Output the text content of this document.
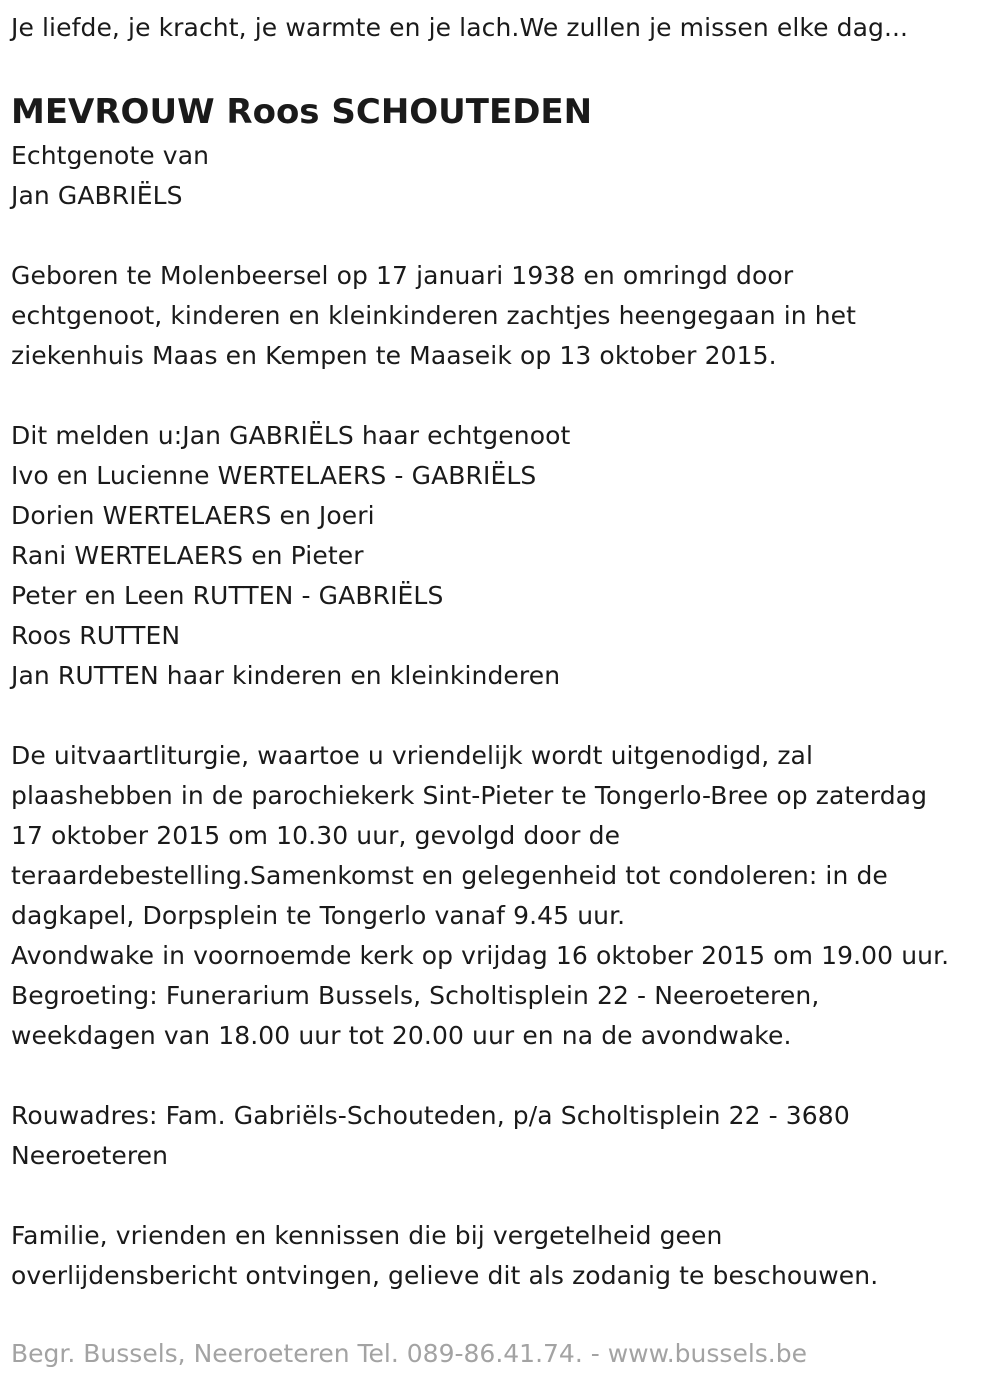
Je liefde, je kracht, je warmte en je lach.We zullen je missen elke dag...
MEVROUW Roos SCHOUTEDEN
Echtgenote van
Jan GABRIËLS
Geboren te Molenbeersel op 17 januari 1938 en omringd door
echtgenoot, kinderen en kleinkinderen zachtjes heengegaan in het
ziekenhuis Maas en Kempen te Maaseik op 13 oktober 2015.
Dit melden u:Jan GABRIËLS haar echtgenoot
Ivo en Lucienne WERTELAERS - GABRIËLS
Dorien WERTELAERS en Joeri
Rani WERTELAERS en Pieter
Peter en Leen RUTTEN - GABRIËLS
Roos RUTTEN
Jan RUTTEN haar kinderen en kleinkinderen
De uitvaartliturgie, waartoe u vriendelijk wordt uitgenodigd, zal
plaashebben in de parochiekerk Sint-Pieter te Tongerlo-Bree op zaterdag
17 oktober 2015 om 10.30 uur, gevolgd door de
teraardebestelling.Samenkomst en gelegenheid tot condoleren: in de
dagkapel, Dorpsplein te Tongerlo vanaf 9.45 uur.
Avondwake in voornoemde kerk op vrijdag 16 oktober 2015 om 19.00 uur.
Begroeting: Funerarium Bussels, Scholtisplein 22 - Neeroeteren,
weekdagen van 18.00 uur tot 20.00 uur en na de avondwake.
Rouwadres: Fam. Gabriëls-Schouteden, p/a Scholtisplein 22 - 3680
Neeroeteren
Familie, vrienden en kennissen die bij vergetelheid geen
overlijdensbericht ontvingen, gelieve dit als zodanig te beschouwen.
Begr. Bussels, Neeroeteren Tel. 089-86.41.74. - www.bussels.be
